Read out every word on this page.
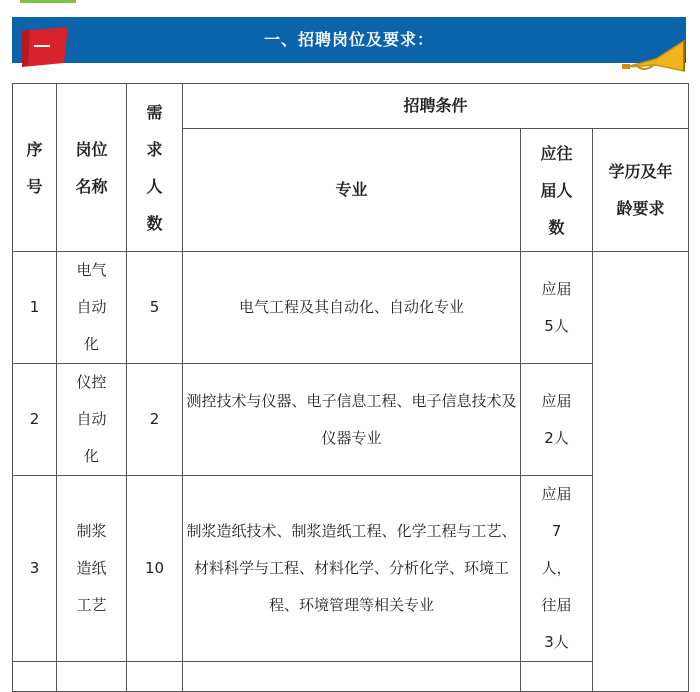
一、招聘岗位及要求：
序号	岗位名称	需求人数	招聘条件		
			专业	应往届人数	学历及年龄要求
1	电气自动化	5	电气工程及其自动化、自动化专业	应届5人	
2	仪控自动化	2	测控技术与仪器、电子信息工程、电子信息技术及仪器专业	应届2人	
3	制浆造纸工艺	10	制浆造纸技术、制浆造纸工程、化学工程与工艺、材料科学与工程、材料化学、分析化学、环境工程、环境管理等相关专业	应届7人，往届3人	
